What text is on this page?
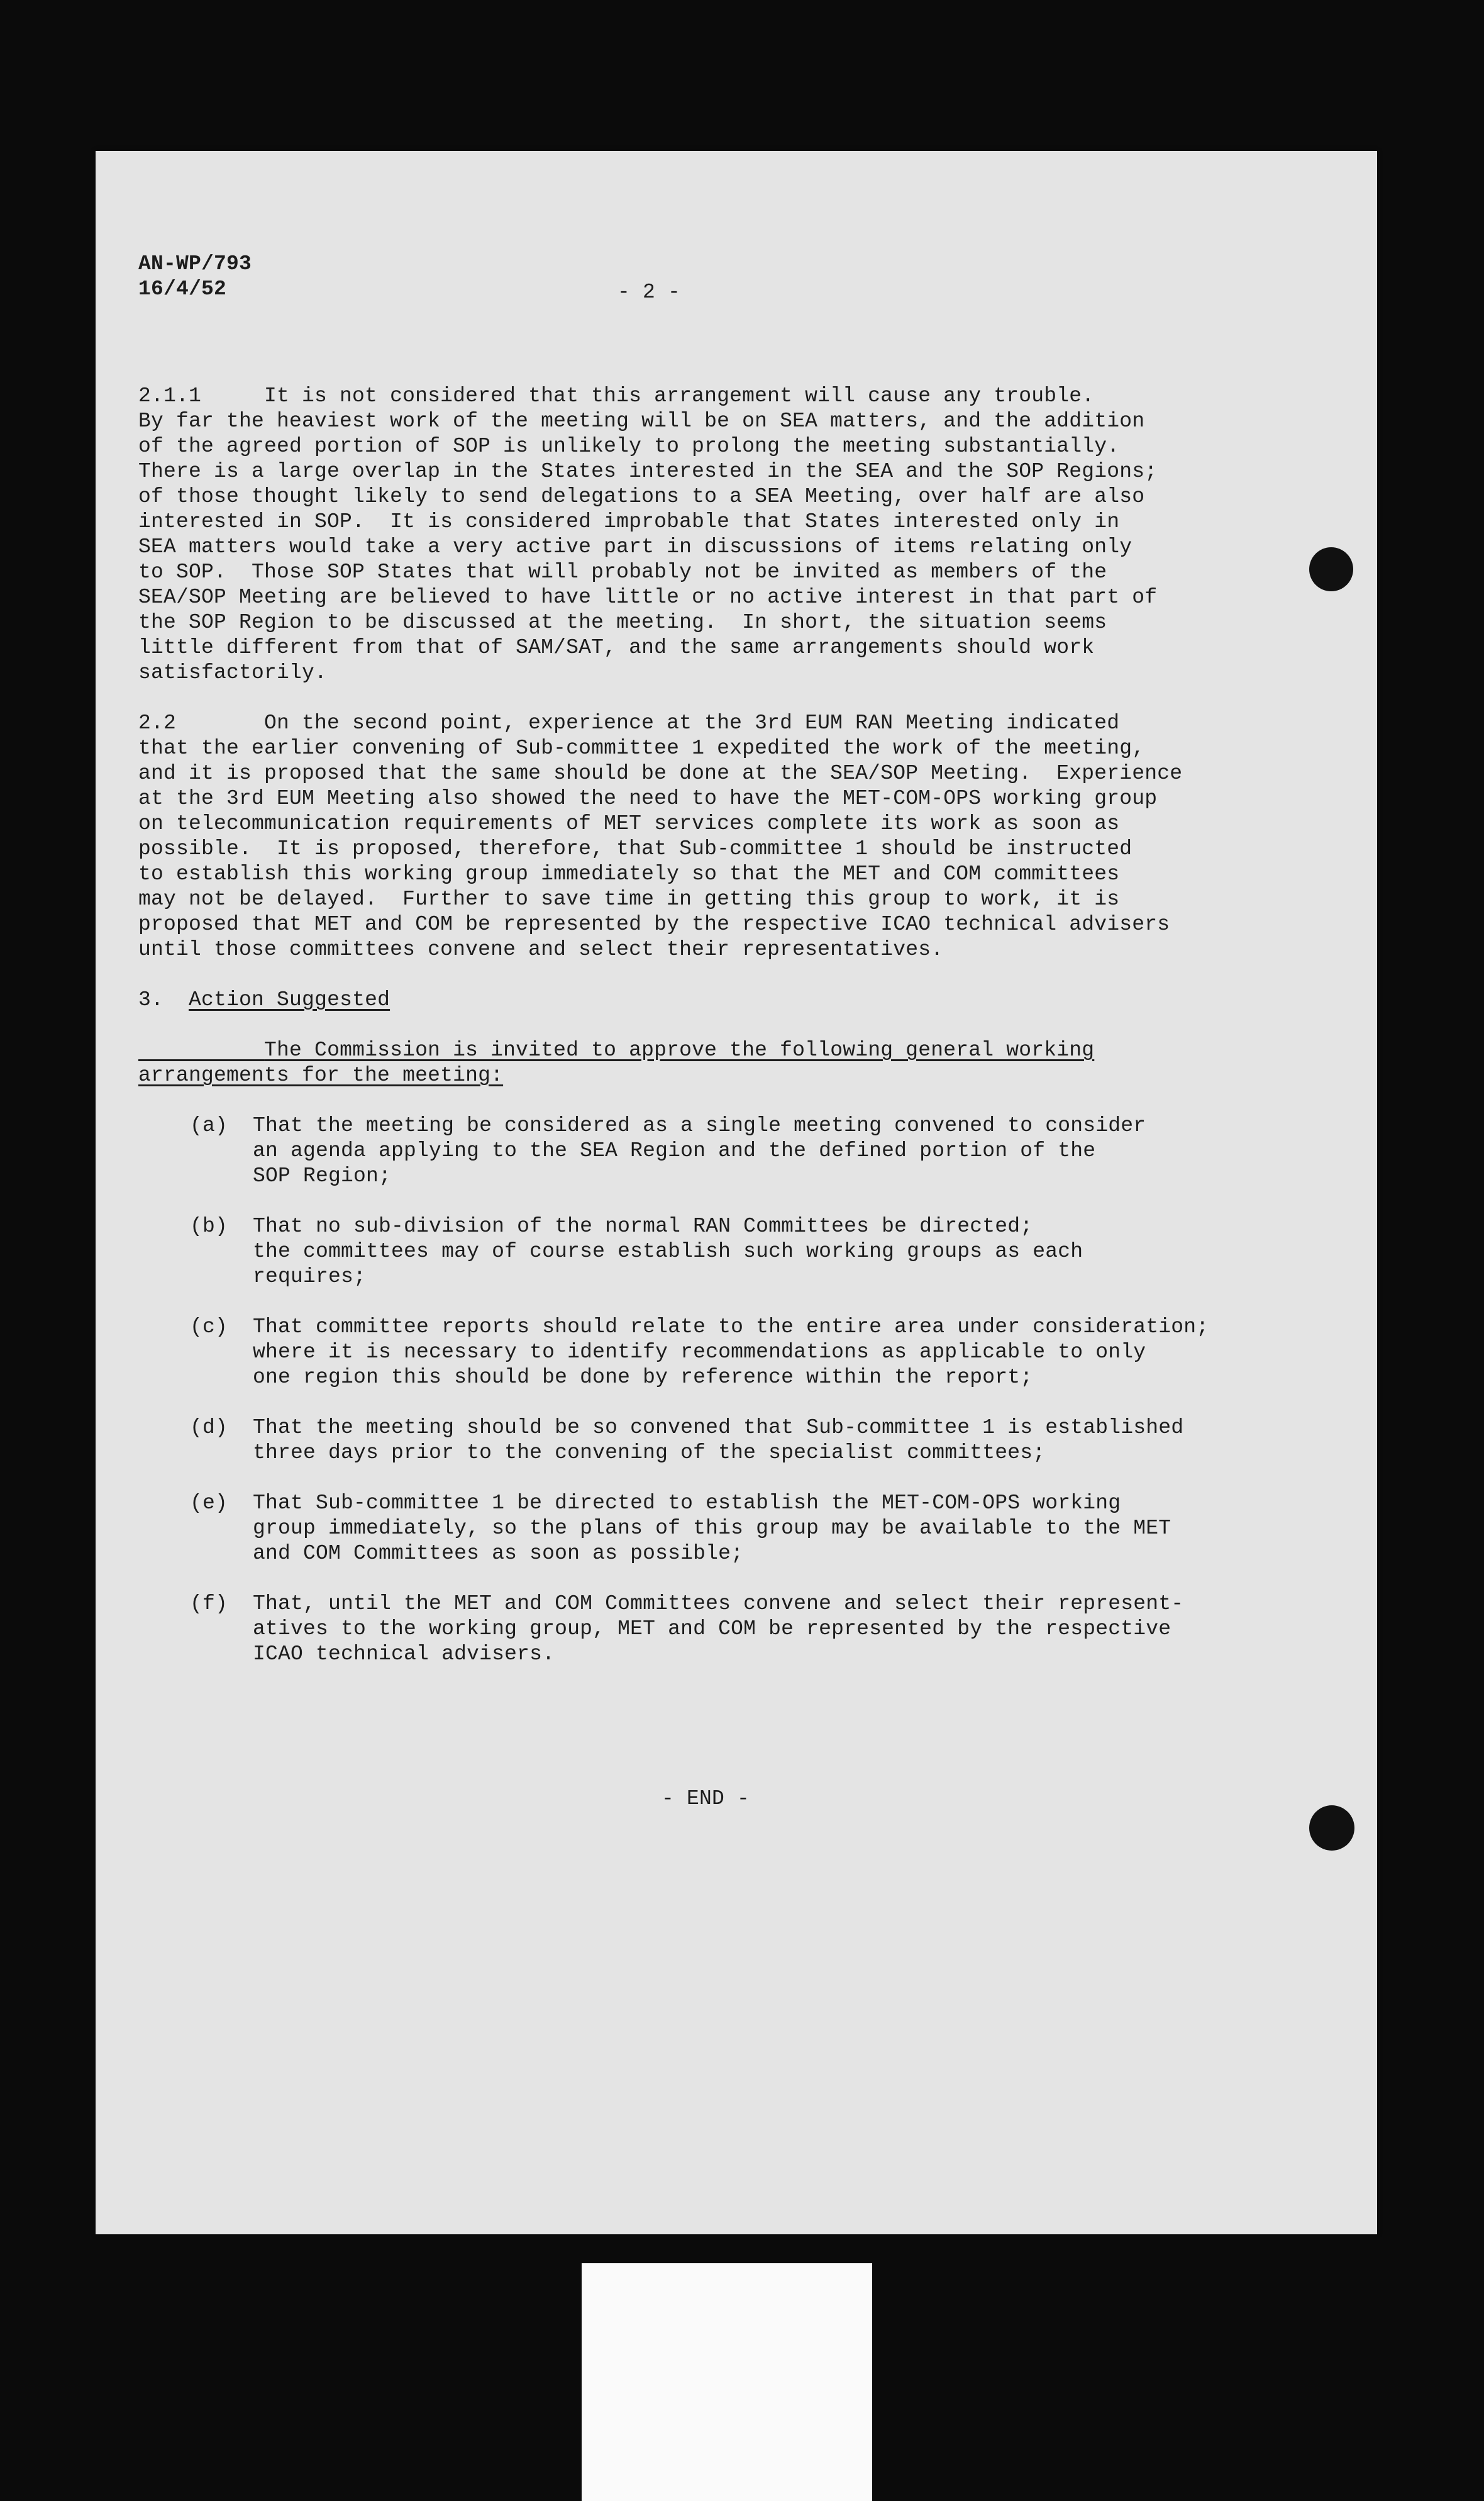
AN-WP/793
16/4/52	- 2 -
2.1.1     It is not considered that this arrangement will cause any trouble.
By far the heaviest work of the meeting will be on SEA matters, and the addition
of the agreed portion of SOP is unlikely to prolong the meeting substantially.
There is a large overlap in the States interested in the SEA and the SOP Regions;
of those thought likely to send delegations to a SEA Meeting, over half are also
interested in SOP.  It is considered improbable that States interested only in
SEA matters would take a very active part in discussions of items relating only
to SOP.  Those SOP States that will probably not be invited as members of the
SEA/SOP Meeting are believed to have little or no active interest in that part of
the SOP Region to be discussed at the meeting.  In short, the situation seems
little different from that of SAM/SAT, and the same arrangements should work
satisfactorily.
2.2       On the second point, experience at the 3rd EUM RAN Meeting indicated
that the earlier convening of Sub-committee 1 expedited the work of the meeting,
and it is proposed that the same should be done at the SEA/SOP Meeting.  Experience
at the 3rd EUM Meeting also showed the need to have the MET-COM-OPS working group
on telecommunication requirements of MET services complete its work as soon as
possible.  It is proposed, therefore, that Sub-committee 1 should be instructed
to establish this working group immediately so that the MET and COM committees
may not be delayed.  Further to save time in getting this group to work, it is
proposed that MET and COM be represented by the respective ICAO technical advisers
until those committees convene and select their representatives.
3. Action Suggested
The Commission is invited to approve the following general working
arrangements for the meeting:
(a)  That the meeting be considered as a single meeting convened to consider
an agenda applying to the SEA Region and the defined portion of the
SOP Region;
(b)  That no sub-division of the normal RAN Committees be directed;
the committees may of course establish such working groups as each
requires;
(c)  That committee reports should relate to the entire area under consideration;
where it is necessary to identify recommendations as applicable to only
one region this should be done by reference within the report;
(d)  That the meeting should be so convened that Sub-committee 1 is established
three days prior to the convening of the specialist committees;
(e)  That Sub-committee 1 be directed to establish the MET-COM-OPS working
group immediately, so the plans of this group may be available to the MET
and COM Committees as soon as possible;
(f)  That, until the MET and COM Committees convene and select their represent-
atives to the working group, MET and COM be represented by the respective
ICAO technical advisers.
- END -
